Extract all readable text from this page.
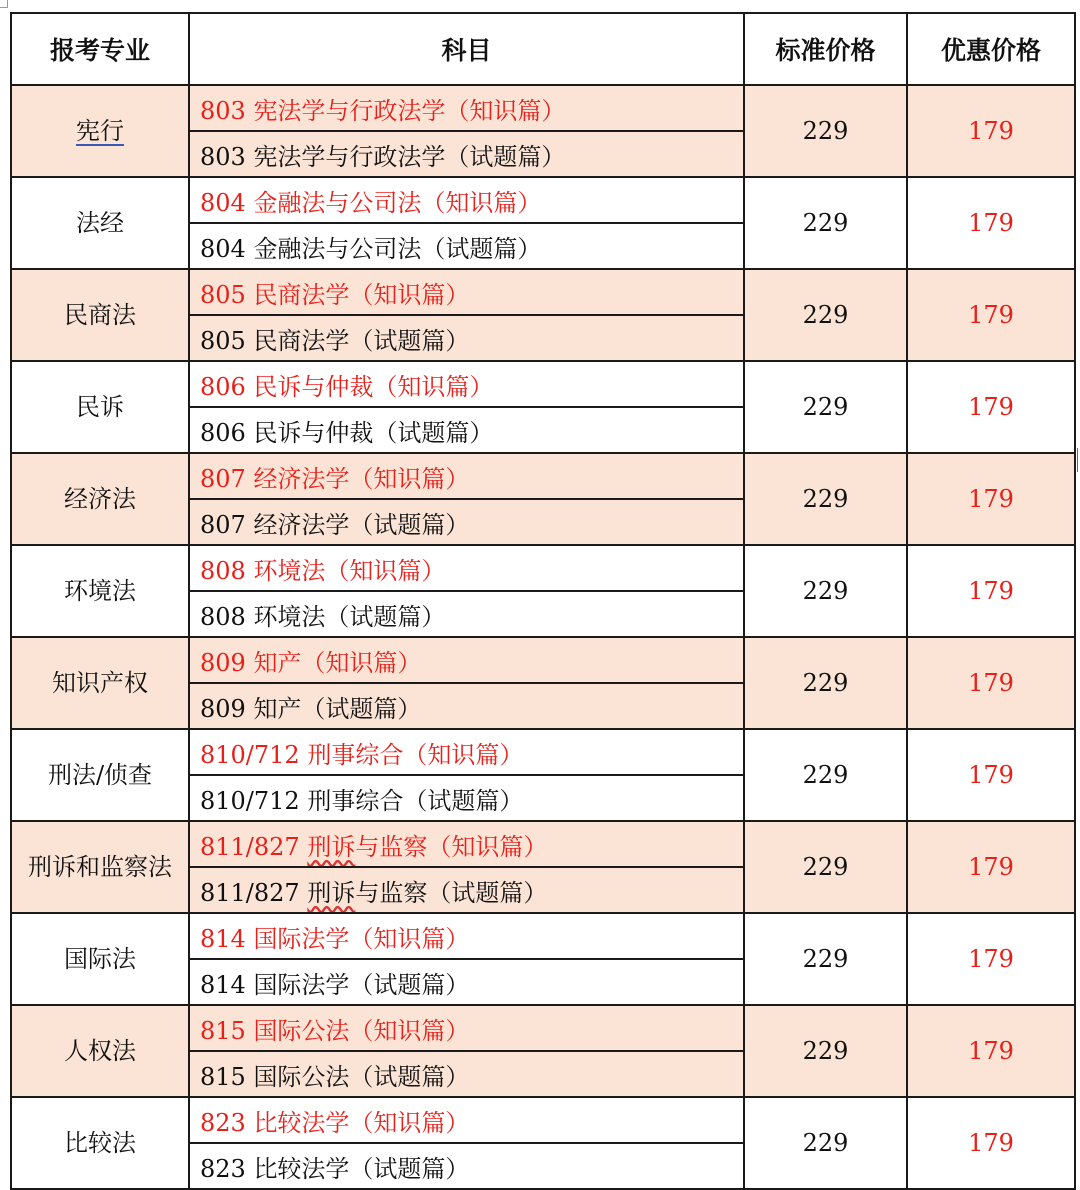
报考专业	科目	标准价格	优惠价格
宪行	803 宪法学与行政法学（知识篇）	229	179
	803 宪法学与行政法学（试题篇）		
法经	804 金融法与公司法（知识篇）	229	179
	804 金融法与公司法（试题篇）		
民商法	805 民商法学（知识篇）	229	179
	805 民商法学（试题篇）		
民诉	806 民诉与仲裁（知识篇）	229	179
	806 民诉与仲裁（试题篇）		
经济法	807 经济法学（知识篇）	229	179
	807 经济法学（试题篇）		
环境法	808 环境法（知识篇）	229	179
	808 环境法（试题篇）		
知识产权	809 知产（知识篇）	229	179
	809 知产（试题篇）		
刑法/侦查	810/712 刑事综合（知识篇）	229	179
	810/712 刑事综合（试题篇）		
刑诉和监察法	811/827 刑诉与监察（知识篇）	229	179
	811/827 刑诉与监察（试题篇）		
国际法	814 国际法学（知识篇）	229	179
	814 国际法学（试题篇）		
人权法	815 国际公法（知识篇）	229	179
	815 国际公法（试题篇）		
比较法	823 比较法学（知识篇）	229	179
	823 比较法学（试题篇）		
